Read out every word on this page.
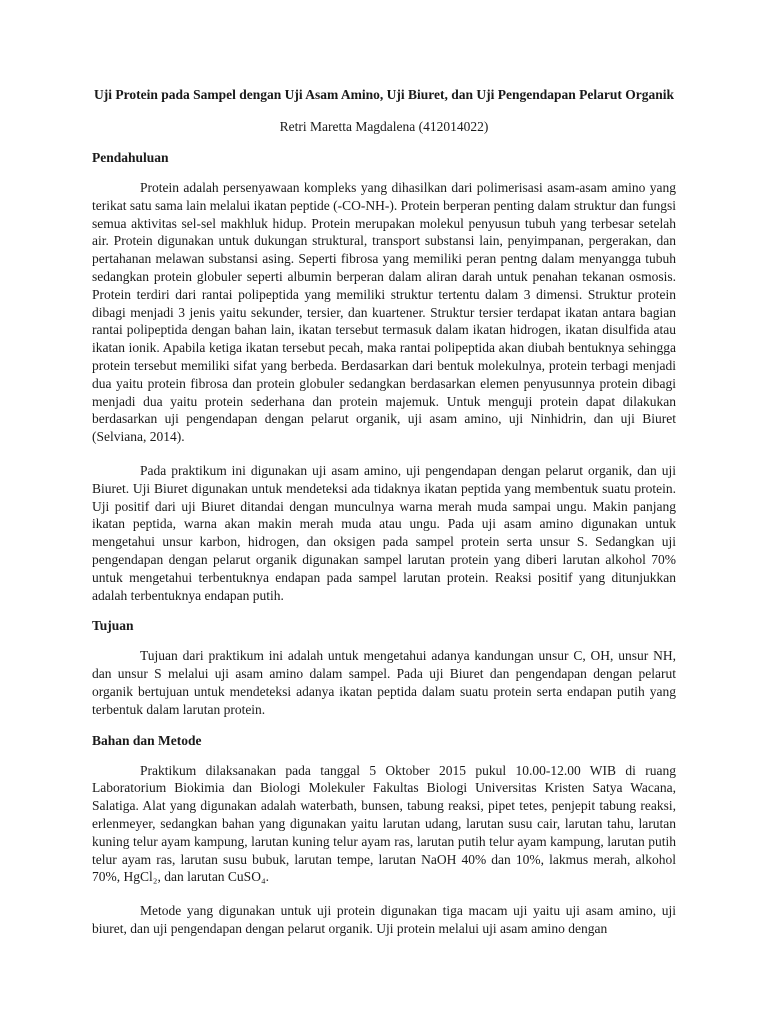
Uji Protein pada Sampel dengan Uji Asam Amino, Uji Biuret, dan Uji Pengendapan Pelarut Organik
Retri Maretta Magdalena (412014022)
Pendahuluan

Protein adalah persenyawaan kompleks yang dihasilkan dari polimerisasi asam-asam amino yang terikat satu sama lain melalui ikatan peptide (-CO-NH-). Protein berperan penting dalam struktur dan fungsi semua aktivitas sel-sel makhluk hidup. Protein merupakan molekul penyusun tubuh yang terbesar setelah air. Protein digunakan untuk dukungan struktural, transport substansi lain, penyimpanan, pergerakan, dan pertahanan melawan substansi asing. Seperti fibrosa yang memiliki peran pentng dalam menyangga tubuh sedangkan protein globuler seperti albumin berperan dalam aliran darah untuk penahan tekanan osmosis. Protein terdiri dari rantai polipeptida yang memiliki struktur tertentu dalam 3 dimensi. Struktur protein dibagi menjadi 3 jenis yaitu sekunder, tersier, dan kuartener. Struktur tersier terdapat ikatan antara bagian rantai polipeptida dengan bahan lain, ikatan tersebut termasuk dalam ikatan hidrogen, ikatan disulfida atau ikatan ionik. Apabila ketiga ikatan tersebut pecah, maka rantai polipeptida akan diubah bentuknya sehingga protein tersebut memiliki sifat yang berbeda. Berdasarkan dari bentuk molekulnya, protein terbagi menjadi dua yaitu protein fibrosa dan protein globuler sedangkan berdasarkan elemen penyusunnya protein dibagi menjadi dua yaitu protein sederhana dan protein majemuk. Untuk menguji protein dapat dilakukan berdasarkan uji pengendapan dengan pelarut organik, uji asam amino, uji Ninhidrin, dan uji Biuret (Selviana, 2014).

Pada praktikum ini digunakan uji asam amino, uji pengendapan dengan pelarut organik, dan uji Biuret. Uji Biuret digunakan untuk mendeteksi ada tidaknya ikatan peptida yang membentuk suatu protein. Uji positif dari uji Biuret ditandai dengan munculnya warna merah muda sampai ungu. Makin panjang ikatan peptida, warna akan makin merah muda atau ungu. Pada uji asam amino digunakan untuk mengetahui unsur karbon, hidrogen, dan oksigen pada sampel protein serta unsur S. Sedangkan uji pengendapan dengan pelarut organik digunakan sampel larutan protein yang diberi larutan alkohol 70% untuk mengetahui terbentuknya endapan pada sampel larutan protein. Reaksi positif yang ditunjukkan adalah terbentuknya endapan putih.

Tujuan

Tujuan dari praktikum ini adalah untuk mengetahui adanya kandungan unsur C, OH, unsur NH, dan unsur S melalui uji asam amino dalam sampel. Pada uji Biuret dan pengendapan dengan pelarut organik bertujuan untuk mendeteksi adanya ikatan peptida dalam suatu protein serta endapan putih yang terbentuk dalam larutan protein.

Bahan dan Metode

Praktikum dilaksanakan pada tanggal 5 Oktober 2015 pukul 10.00-12.00 WIB di ruang Laboratorium Biokimia dan Biologi Molekuler Fakultas Biologi Universitas Kristen Satya Wacana, Salatiga. Alat yang digunakan adalah waterbath, bunsen, tabung reaksi, pipet tetes, penjepit tabung reaksi, erlenmeyer, sedangkan bahan yang digunakan yaitu larutan udang, larutan susu cair, larutan tahu, larutan kuning telur ayam kampung, larutan kuning telur ayam ras, larutan putih telur ayam kampung, larutan putih telur ayam ras, larutan susu bubuk, larutan tempe, larutan NaOH 40% dan 10%, lakmus merah, alkohol 70%, HgCl₂, dan larutan CuSO₄.

Metode yang digunakan untuk uji protein digunakan tiga macam uji yaitu uji asam amino, uji biuret, dan uji pengendapan dengan pelarut organik. Uji protein melalui uji asam amino dengan
